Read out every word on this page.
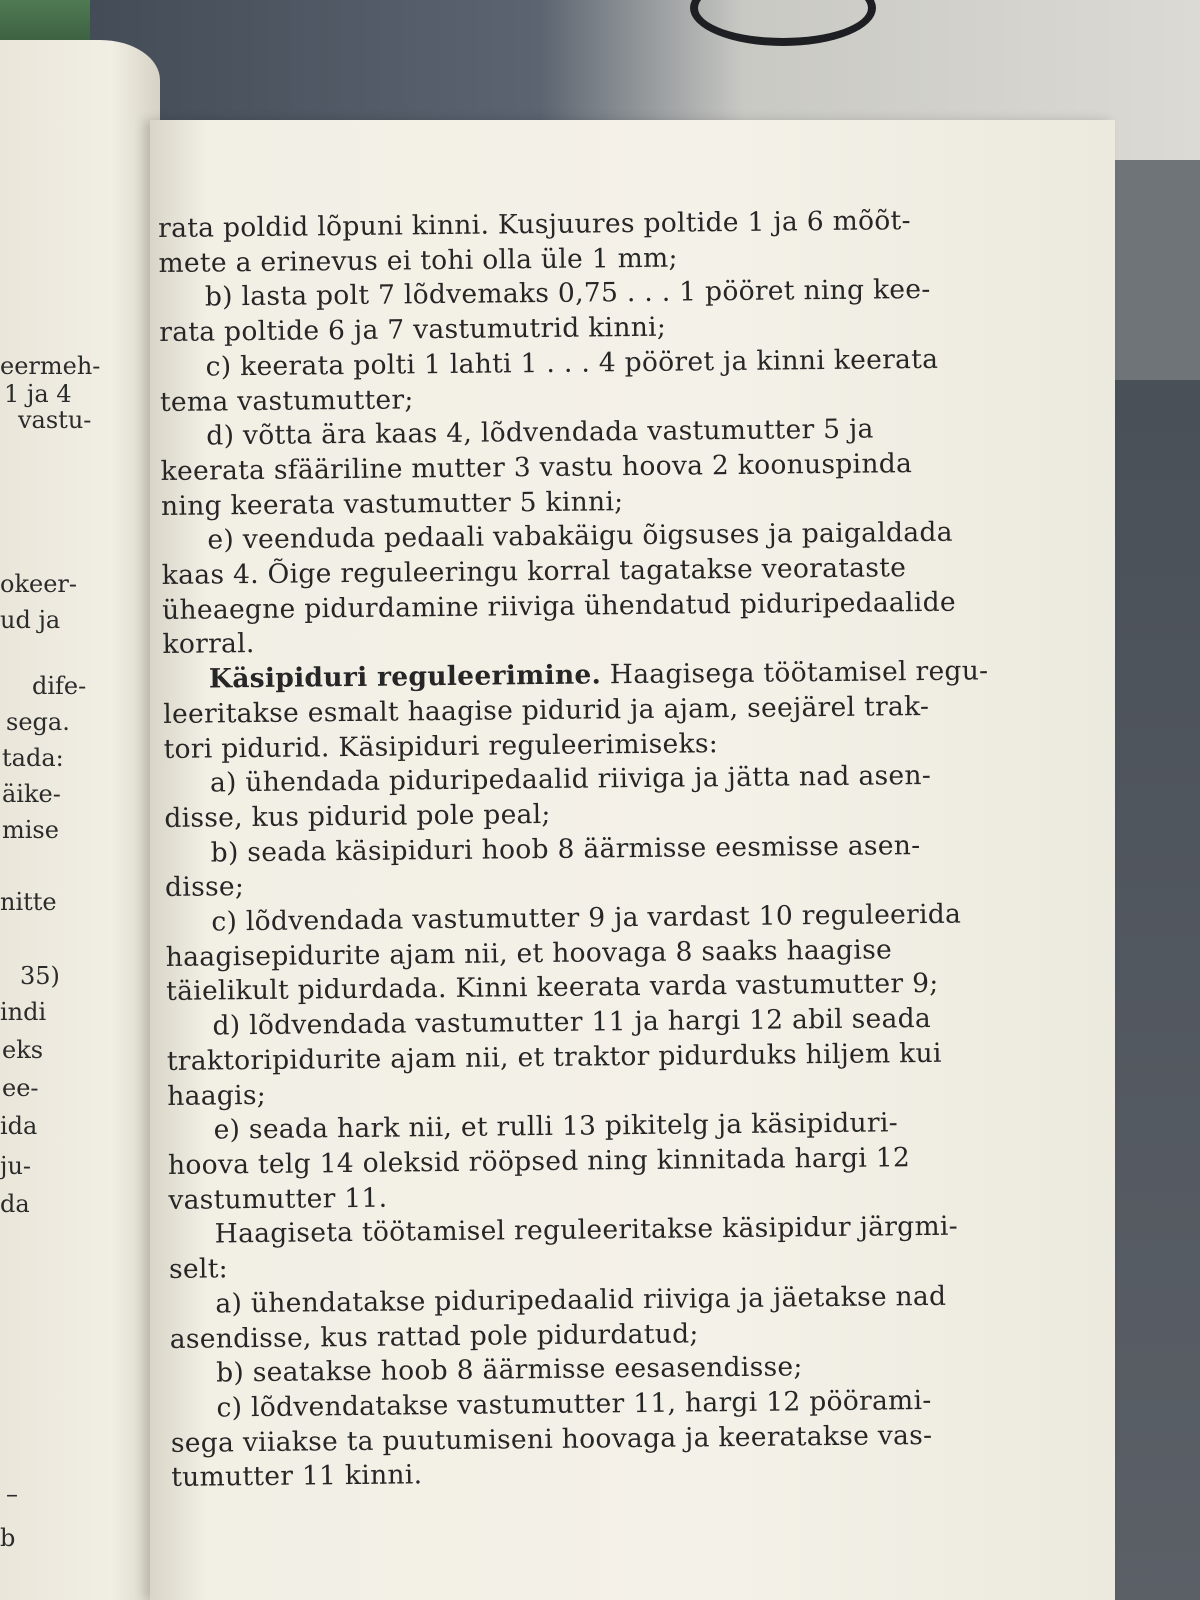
eermeh-
1 ja 4
vastu-
okeer-
ud ja
dife-
sega.
tada:
äike-
mise
nitte
35)
indi
eks
ee-
ida
ju-
da
–
b
rata poldid lõpuni kinni. Kusjuures poltide 1 ja 6 mõõt-
mete a erinevus ei tohi olla üle 1 mm;
b) lasta polt 7 lõdvemaks 0,75 . . . 1 pööret ning kee-
rata poltide 6 ja 7 vastumutrid kinni;
c) keerata polti 1 lahti 1 . . . 4 pööret ja kinni keerata
tema vastumutter;
d) võtta ära kaas 4, lõdvendada vastumutter 5 ja
keerata sfääriline mutter 3 vastu hoova 2 koonuspinda
ning keerata vastumutter 5 kinni;
e) veenduda pedaali vabakäigu õigsuses ja paigaldada
kaas 4. Õige reguleeringu korral tagatakse veorataste
üheaegne pidurdamine riiviga ühendatud piduripedaalide
korral.
Käsipiduri reguleerimine. Haagisega töötamisel regu-
leeritakse esmalt haagise pidurid ja ajam, seejärel trak-
tori pidurid. Käsipiduri reguleerimiseks:
a) ühendada piduripedaalid riiviga ja jätta nad asen-
disse, kus pidurid pole peal;
b) seada käsipiduri hoob 8 äärmisse eesmisse asen-
disse;
c) lõdvendada vastumutter 9 ja vardast 10 reguleerida
haagisepidurite ajam nii, et hoovaga 8 saaks haagise
täielikult pidurdada. Kinni keerata varda vastumutter 9;
d) lõdvendada vastumutter 11 ja hargi 12 abil seada
traktoripidurite ajam nii, et traktor pidurduks hiljem kui
haagis;
e) seada hark nii, et rulli 13 pikitelg ja käsipiduri-
hoova telg 14 oleksid rööpsed ning kinnitada hargi 12
vastumutter 11.
Haagiseta töötamisel reguleeritakse käsipidur järgmi-
selt:
a) ühendatakse piduripedaalid riiviga ja jäetakse nad
asendisse, kus rattad pole pidurdatud;
b) seatakse hoob 8 äärmisse eesasendisse;
c) lõdvendatakse vastumutter 11, hargi 12 pöörami-
sega viiakse ta puutumiseni hoovaga ja keeratakse vas-
tumutter 11 kinni.
